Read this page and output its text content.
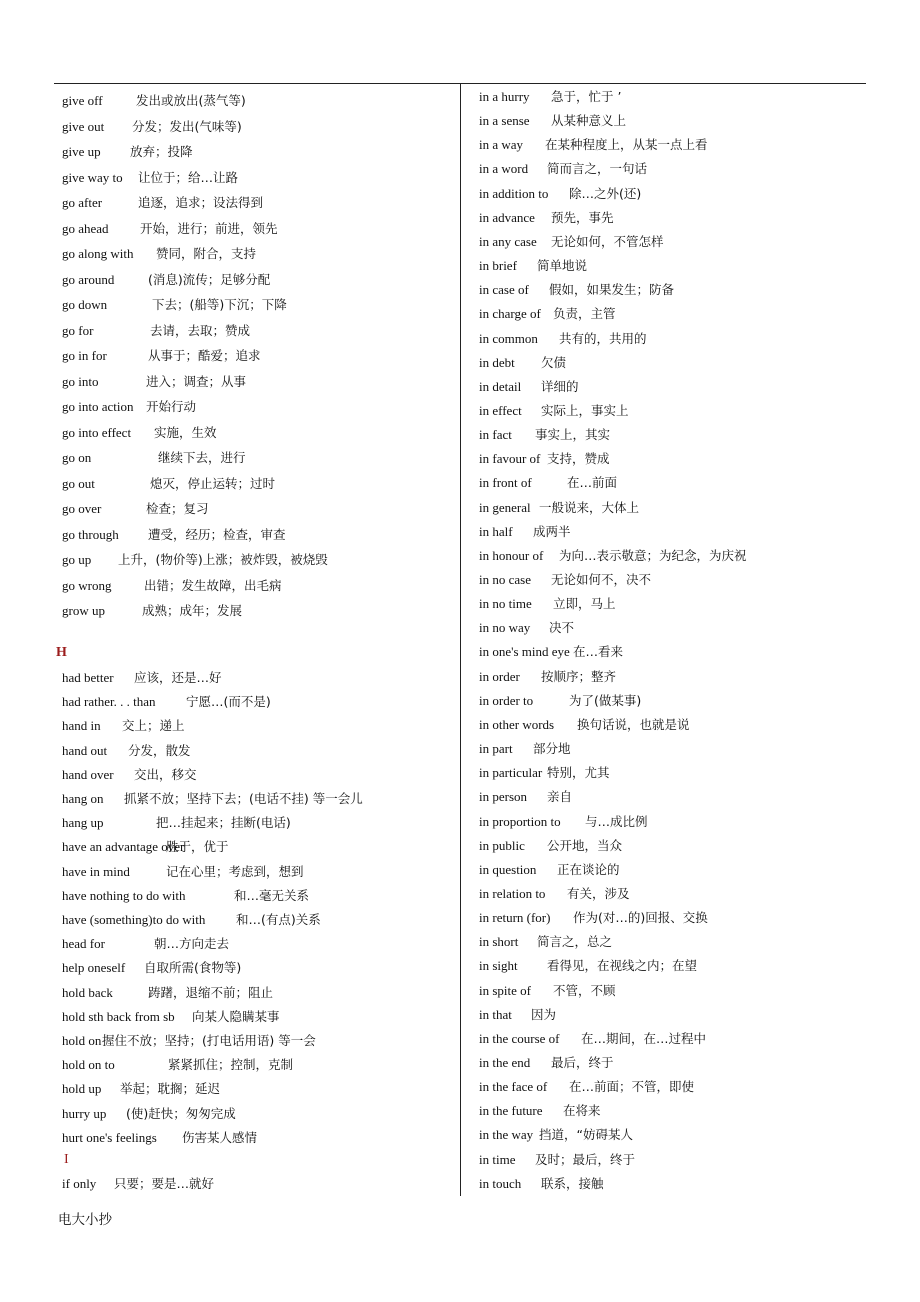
give off	发出或放出(蒸气等)
give out 分发；发出(气味等)
give up 放弃；投降
give way to 让位于；给…让路
go after	追逐，追求；设法得到
go ahead	开始，进行；前进，领先
go along with 赞同，附合，支持
go around	(消息)流传；足够分配
go down	下去；(船等)下沉；下降
go for	去请，去取；赞成
go in for	从事于；酷爱；追求
go into	进入；调查；从事
go into action 开始行动
go into effect 实施，生效
go on	继续下去，进行
go out	熄灭，停止运转；过时
go over	检查；复习
go through 遭受，经历；检查，审查
go up 上升，(物价等)上涨；被炸毁，被烧毁
go wrong	出错；发生故障，出毛病
grow up	成熟；成年；发展
had better 应该，还是…好
had rather. . . than 宁愿…(而不是)
hand in 交上；递上
hand out 分发，散发
hand over 交出，移交
hang on 抓紧不放；坚持下去；(电话不挂) 等一会儿
hang up	把…挂起来；挂断(电话)
have an advantage over胜于，优于
have in mind	记在心里；考虑到，想到
have nothing to do with	和…毫无关系
have (something)to do with 和…(有点)关系
head for	朝…方向走去
help oneself 自取所需(食物等)
hold back	踌躇，退缩不前；阻止
hold sth back from sb 向某人隐瞒某事
hold on握住不放；坚持；(打电话用语) 等一会
hold on to	紧紧抓住；控制，克制
hold up 举起；耽搁；延迟
hurry up (使)赶快；匆匆完成
hurt one's feelings 伤害某人感情
if only 只要；要是…就好
in a hurry 急于，忙于 ’
in a sense 从某种意义上
in a way 在某种程度上，从某一点上看
in a word 简而言之，一句话
in addition to 除…之外(还)
in advance 预先，事先
in any case 无论如何，不管怎样
in brief 简单地说
in case of 假如，如果发生；防备
in charge of 负责，主管
in common 共有的，共用的
in debt 欠债
in detail 详细的
in effect 实际上，事实上
in fact 事实上，其实
in favour of 支持，赞成
in front of	在…前面
in general 一般说来，大体上
in half 成两半
in honour of 为向…表示敬意；为纪念，为庆祝
in no case 无论如何不，决不
in no time 立即，马上
in no way 决不
in one's mind eye 在…看来
in order 按顺序；整齐
in order to	为了(做某事)
in other words 换句话说，也就是说
in part 部分地
in particular 特别，尤其
in person 亲自
in proportion to 与…成比例
in public 公开地，当众
in question 正在谈论的
in relation to 有关，涉及
in return (for) 作为(对…的)回报、交换
in short 简言之，总之
in sight 看得见，在视线之内；在望
in spite of 不管，不顾
in that 因为
in the course of 在…期间，在…过程中
in the end 最后，终于
in the face of 在…前面；不管，即使
in the future 在将来
in the way 挡道，“妨碍某人
in time 及时；最后，终于
in touch 联系，接触
H
I
电大小抄
